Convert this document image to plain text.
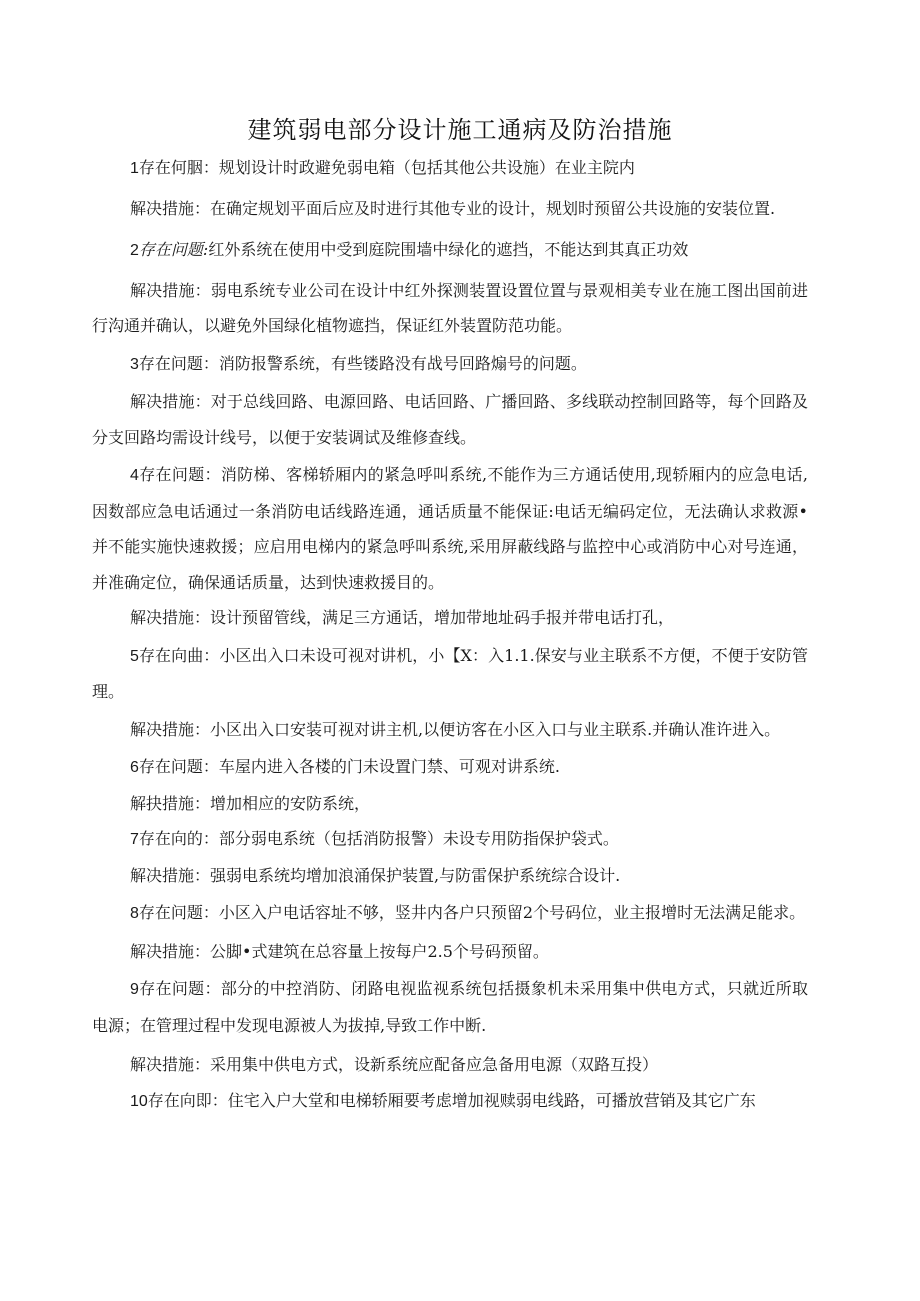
建筑弱电部分设计施工通病及防治措施

1存在何胭：规划设计时政避免弱电箱（包括其他公共设施）在业主院内

解决措施：在确定规划平面后应及时进行其他专业的设计，规划时预留公共设施的安装位置.

2存在问题:红外系统在使用中受到庭院围墙中绿化的遮挡，不能达到其真正功效

解决措施：弱电系统专业公司在设计中红外探测装置设置位置与景观相美专业在施工图出国前进行沟通并确认，以避免外国绿化植物遮挡，保证红外装置防范功能。

3存在问题：消防报警系统，有些镂路没有战号回路煽号的问题。

解决措施：对于总线回路、电源回路、电话回路、广播回路、多线联动控制回路等，每个回路及分支回路均需设计线号，以便于安装调试及维修查线。

4存在问题：消防梯、客梯轿厢内的紧急呼叫系统,不能作为三方通话使用,现轿厢内的应急电话,因数部应急电话通过一条消防电话线路连通，通话质量不能保证:电话无编码定位，无法确认求救源•并不能实施快速救援；应启用电梯内的紧急呼叫系统,采用屏蔽线路与监控中心或消防中心对号连通，并准确定位，确保通话质量，达到快速救援目的。

解决措施：设计预留管线，满足三方通话，增加带地址码手报并带电话打孔，

5存在向曲：小区出入口未设可视对讲机，小【X：入1.1.保安与业主联系不方便，不便于安防管理。

解决措施：小区出入口安装可视对讲主机,以便访客在小区入口与业主联系.并确认准许进入。

6存在问题：车屋内进入各楼的门未设置门禁、可观对讲系统.

解抉措施：增加相应的安防系统，

7存在向的：部分弱电系统（包括消防报警）未设专用防指保护袋式。

解决措施：强弱电系统均增加浪涌保护装置,与防雷保护系统综合设计.

8存在问题：小区入户电话容址不够，竖井内各户只预留2个号码位，业主报增时无法满足能求。

解决措施：公脚•式建筑在总容量上按每户2.5个号码预留。

9存在问题：部分的中控消防、闭路电视监视系统包括摄象机未采用集中供电方式，只就近所取电源；在管理过程中发现电源被人为拔掉,导致工作中断.

解决措施：采用集中供电方式，设新系统应配备应急备用电源（双路互投）

10存在向即：住宅入户大堂和电梯轿厢要考虑增加视赎弱电线路，可播放营销及其它广东
